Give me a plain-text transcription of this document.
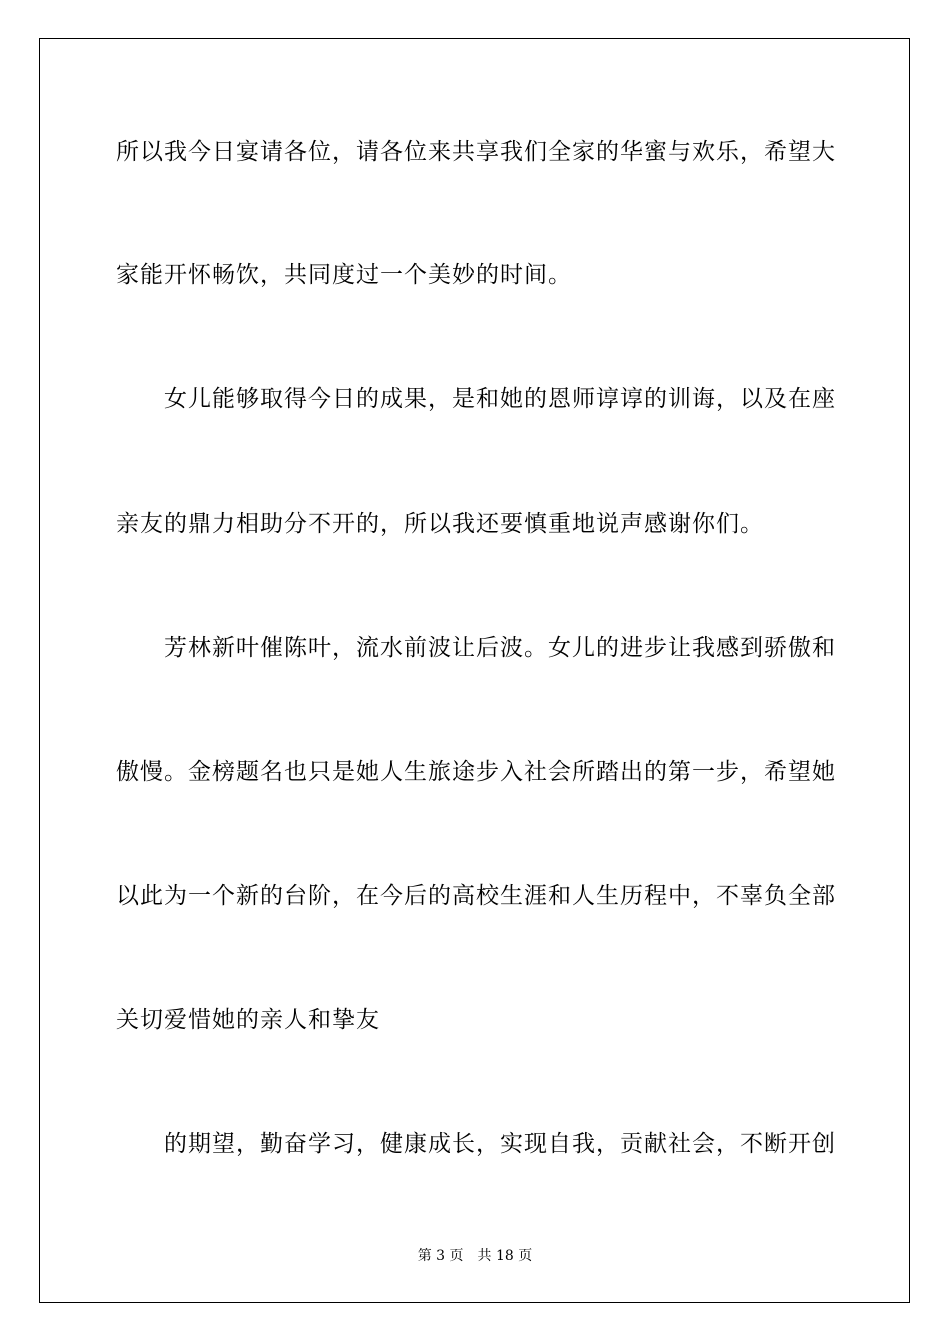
所以我今日宴请各位，请各位来共享我们全家的华蜜与欢乐，希望大
家能开怀畅饮，共同度过一个美妙的时间。
　　女儿能够取得今日的成果，是和她的恩师谆谆的训诲，以及在座
亲友的鼎力相助分不开的，所以我还要慎重地说声感谢你们。
　　芳林新叶催陈叶，流水前波让后波。女儿的进步让我感到骄傲和
傲慢。金榜题名也只是她人生旅途步入社会所踏出的第一步，希望她
以此为一个新的台阶，在今后的高校生涯和人生历程中，不辜负全部
关切爱惜她的亲人和挚友
　　的期望，勤奋学习，健康成长，实现自我，贡献社会，不断开创
第 3 页　共 18 页
